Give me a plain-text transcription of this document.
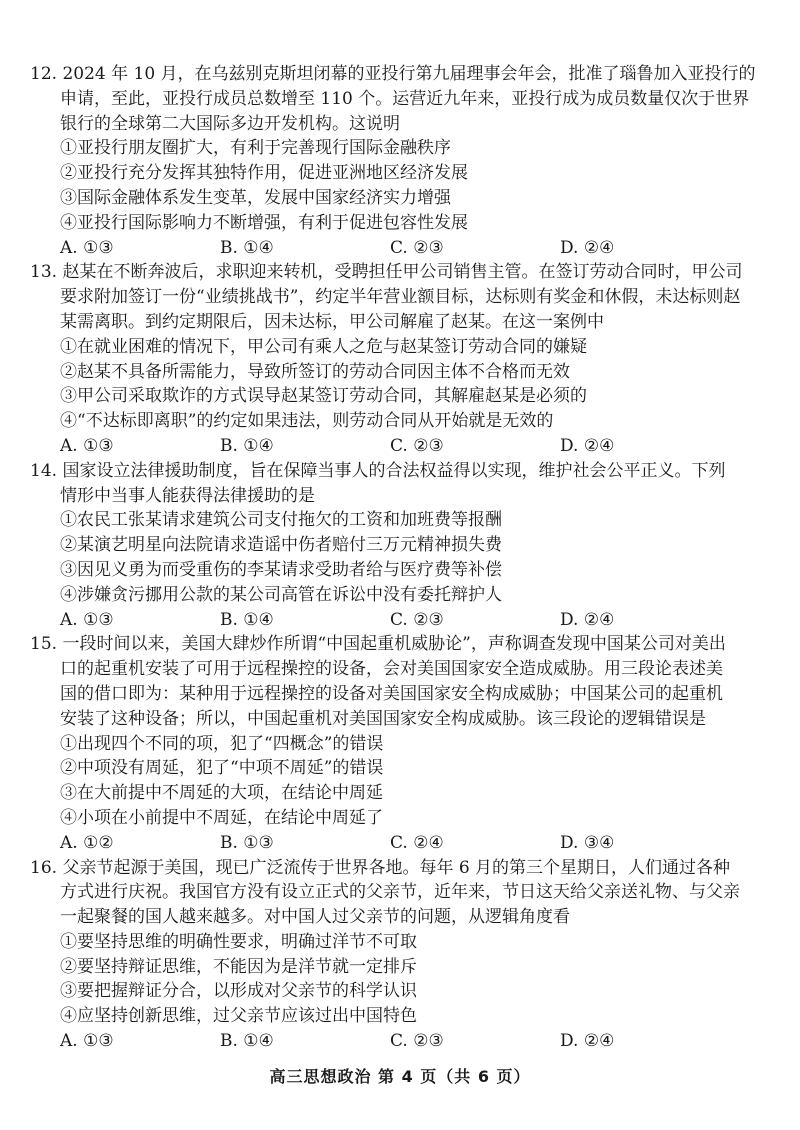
12. 2024 年 10 月，在乌兹别克斯坦闭幕的亚投行第九届理事会年会，批准了瑙鲁加入亚投行的
申请，至此，亚投行成员总数增至 110 个。运营近九年来，亚投行成为成员数量仅次于世界
银行的全球第二大国际多边开发机构。这说明
①亚投行朋友圈扩大，有利于完善现行国际金融秩序
②亚投行充分发挥其独特作用，促进亚洲地区经济发展
③国际金融体系发生变革，发展中国家经济实力增强
④亚投行国际影响力不断增强，有利于促进包容性发展
A. ①③	B. ①④	C. ②③	D. ②④
13. 赵某在不断奔波后，求职迎来转机，受聘担任甲公司销售主管。在签订劳动合同时，甲公司
要求附加签订一份“业绩挑战书”，约定半年营业额目标，达标则有奖金和休假，未达标则赵
某需离职。到约定期限后，因未达标，甲公司解雇了赵某。在这一案例中
①在就业困难的情况下，甲公司有乘人之危与赵某签订劳动合同的嫌疑
②赵某不具备所需能力，导致所签订的劳动合同因主体不合格而无效
③甲公司采取欺诈的方式误导赵某签订劳动合同，其解雇赵某是必须的
④“不达标即离职”的约定如果违法，则劳动合同从开始就是无效的
A. ①③	B. ①④	C. ②③	D. ②④
14. 国家设立法律援助制度，旨在保障当事人的合法权益得以实现，维护社会公平正义。下列
情形中当事人能获得法律援助的是
①农民工张某请求建筑公司支付拖欠的工资和加班费等报酬
②某演艺明星向法院请求造谣中伤者赔付三万元精神损失费
③因见义勇为而受重伤的李某请求受助者给与医疗费等补偿
④涉嫌贪污挪用公款的某公司高管在诉讼中没有委托辩护人
A. ①③	B. ①④	C. ②③	D. ②④
15. 一段时间以来，美国大肆炒作所谓“中国起重机威胁论”，声称调查发现中国某公司对美出
口的起重机安装了可用于远程操控的设备，会对美国国家安全造成威胁。用三段论表述美
国的借口即为：某种用于远程操控的设备对美国国家安全构成威胁；中国某公司的起重机
安装了这种设备；所以，中国起重机对美国国家安全构成威胁。该三段论的逻辑错误是
①出现四个不同的项，犯了“四概念”的错误
②中项没有周延，犯了“中项不周延”的错误
③在大前提中不周延的大项，在结论中周延
④小项在小前提中不周延，在结论中周延了
A. ①②	B. ①③	C. ②④	D. ③④
16. 父亲节起源于美国，现已广泛流传于世界各地。每年 6 月的第三个星期日，人们通过各种
方式进行庆祝。我国官方没有设立正式的父亲节，近年来，节日这天给父亲送礼物、与父亲
一起聚餐的国人越来越多。对中国人过父亲节的问题，从逻辑角度看
①要坚持思维的明确性要求，明确过洋节不可取
②要坚持辩证思维，不能因为是洋节就一定排斥
③要把握辩证分合，以形成对父亲节的科学认识
④应坚持创新思维，过父亲节应该过出中国特色
A. ①③	B. ①④	C. ②③	D. ②④
高三思想政治 第 4 页（共 6 页）
